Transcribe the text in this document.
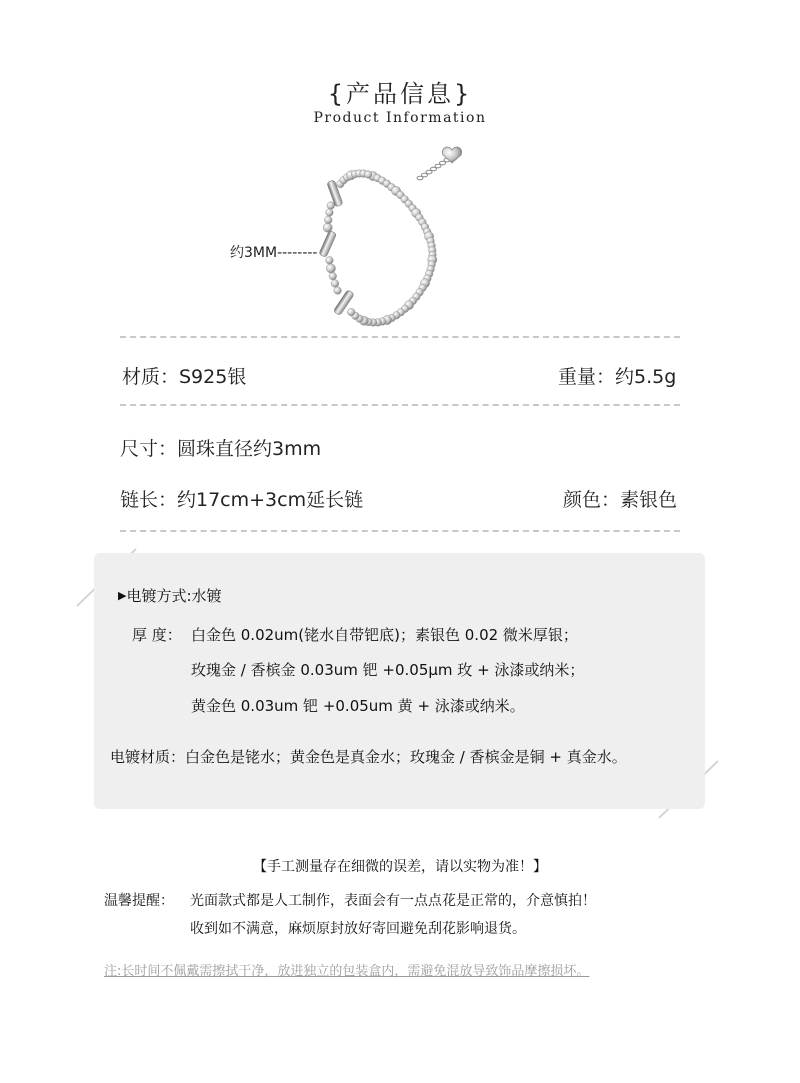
{产品信息}
Product Information
约3MM--------
材质：S925银	重量：约5.5g
尺寸：圆珠直径约3mm
链长：约17cm+3cm延长链	颜色：素银色
▶电镀方式:水镀
厚 度： 白金色 0.02um(铑水自带钯底)；素银色 0.02 微米厚银；
玫瑰金 / 香槟金 0.03um 钯 +0.05μm 玫 + 泳漆或纳米；
黄金色 0.03um 钯 +0.05um 黄 + 泳漆或纳米。
电镀材质：白金色是铑水；黄金色是真金水；玫瑰金 / 香槟金是铜 + 真金水。
【手工测量存在细微的误差，请以实物为准！】
温馨提醒： 光面款式都是人工制作，表面会有一点点花是正常的，介意慎拍！
收到如不满意，麻烦原封放好寄回避免刮花影响退货。
注:长时间不佩戴需擦拭干净，放进独立的包装盒内，需避免混放导致饰品摩擦损坏。
